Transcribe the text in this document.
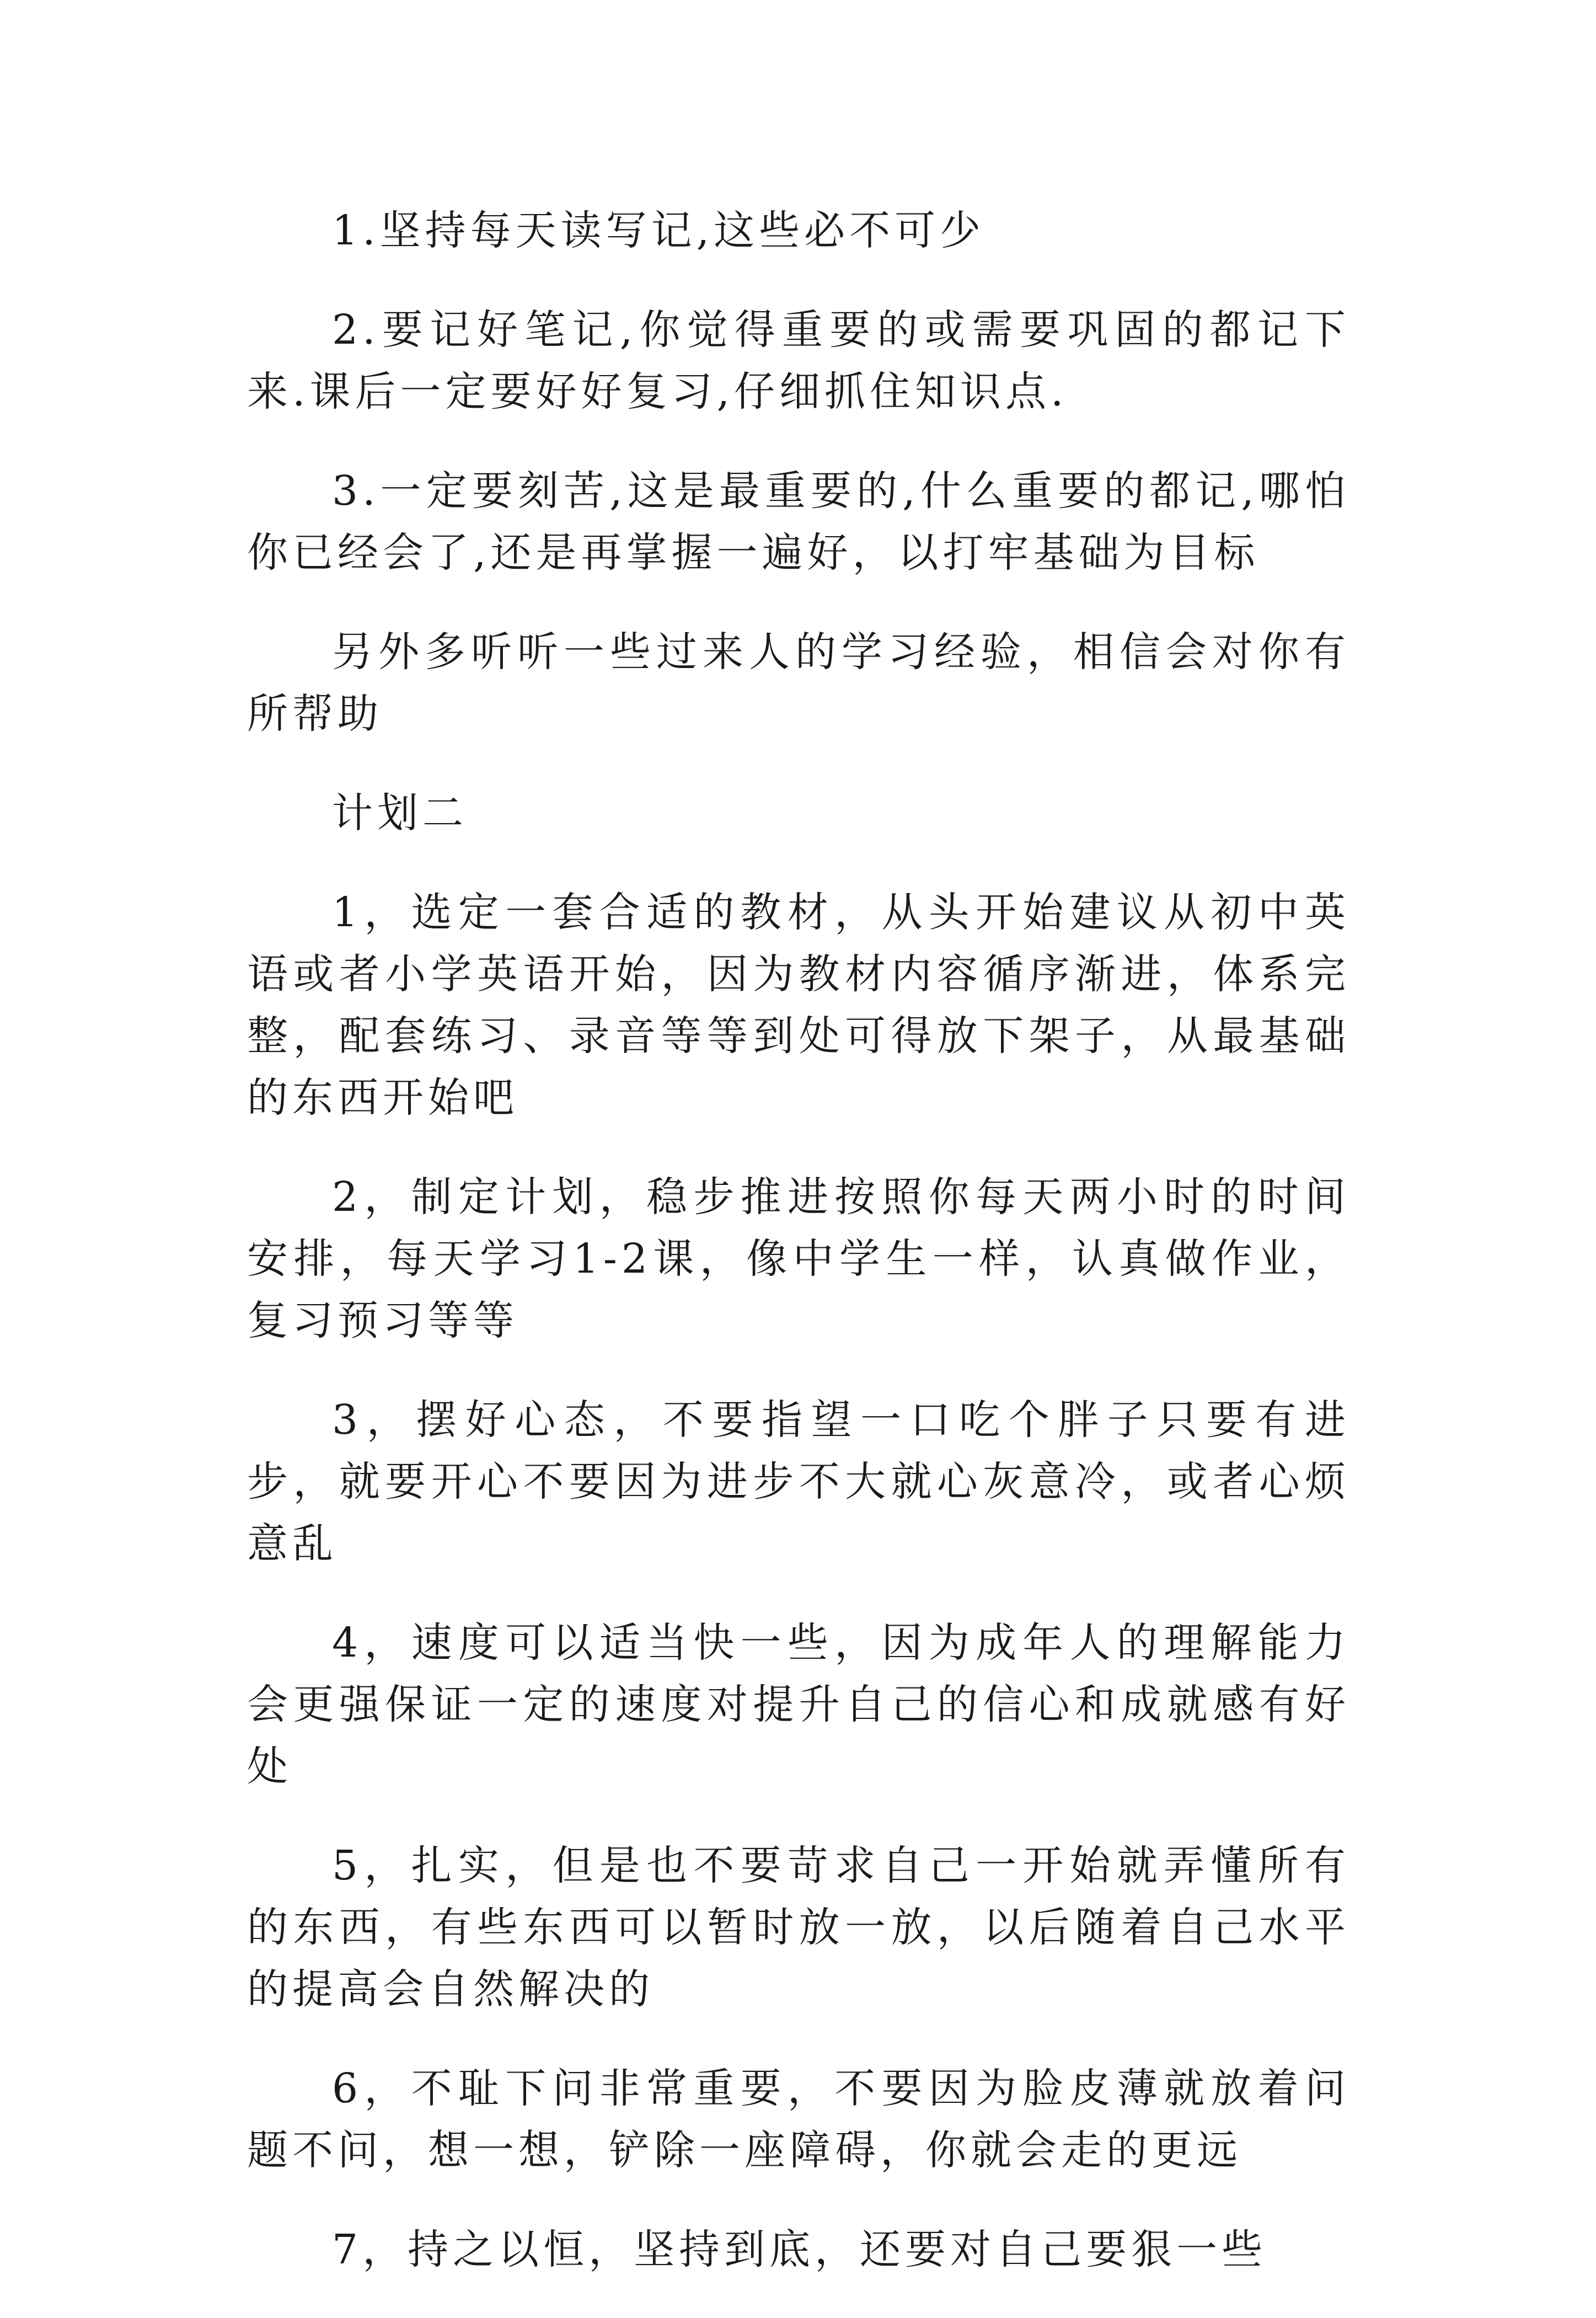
1.坚持每天读写记,这些必不可少

2.要记好笔记,你觉得重要的或需要巩固的都记下来.课后一定要好好复习,仔细抓住知识点.

3.一定要刻苦,这是最重要的,什么重要的都记,哪怕你已经会了,还是再掌握一遍好，以打牢基础为目标

另外多听听一些过来人的学习经验，相信会对你有所帮助

计划二

1，选定一套合适的教材，从头开始建议从初中英语或者小学英语开始，因为教材内容循序渐进，体系完整，配套练习、录音等等到处可得放下架子，从最基础的东西开始吧

2，制定计划，稳步推进按照你每天两小时的时间安排，每天学习1-2课，像中学生一样，认真做作业，复习预习等等

3，摆好心态，不要指望一口吃个胖子只要有进步，就要开心不要因为进步不大就心灰意冷，或者心烦意乱

4，速度可以适当快一些，因为成年人的理解能力会更强保证一定的速度对提升自己的信心和成就感有好处

5，扎实，但是也不要苛求自己一开始就弄懂所有的东西，有些东西可以暂时放一放，以后随着自己水平的提高会自然解决的

6，不耻下问非常重要，不要因为脸皮薄就放着问题不问，想一想，铲除一座障碍，你就会走的更远

7，持之以恒，坚持到底，还要对自己要狠一些
